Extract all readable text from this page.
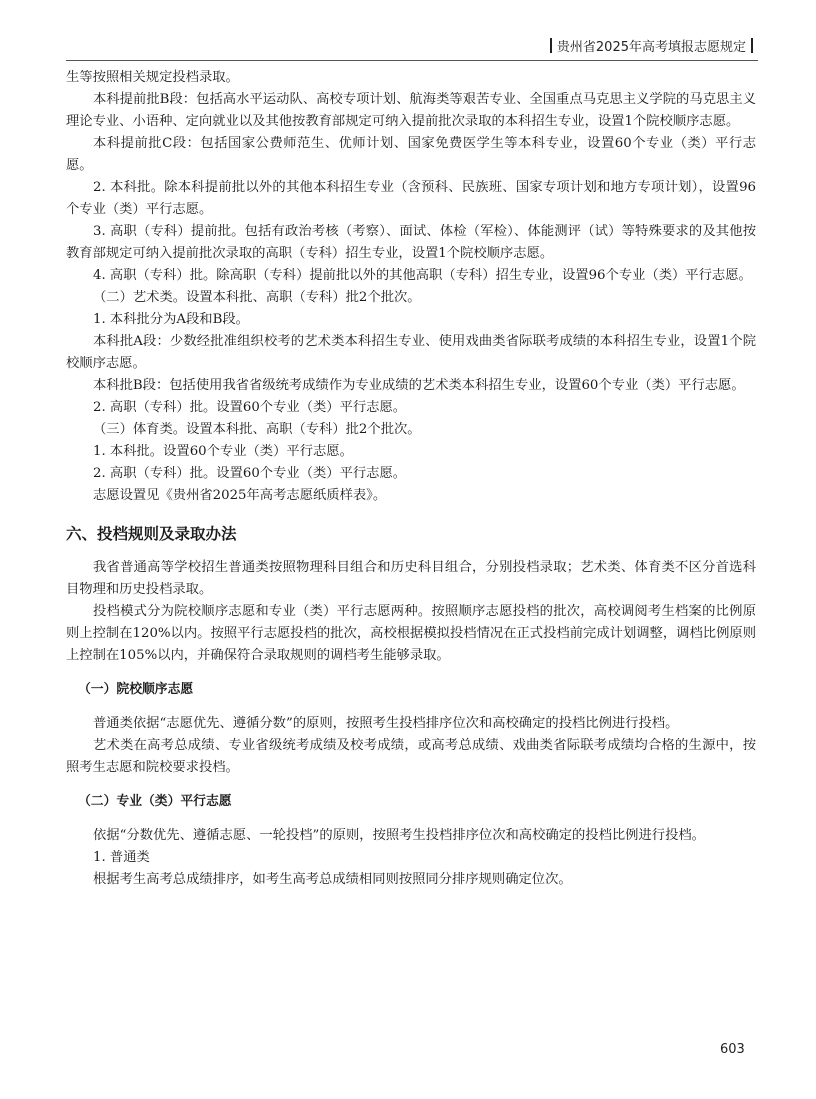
贵州省2025年高考填报志愿规定

生等按照相关规定投档录取。

本科提前批B段：包括高水平运动队、高校专项计划、航海类等艰苦专业、全国重点马克思主义学院的马克思主义理论专业、小语种、定向就业以及其他按教育部规定可纳入提前批次录取的本科招生专业，设置1个院校顺序志愿。

本科提前批C段：包括国家公费师范生、优师计划、国家免费医学生等本科专业，设置60个专业（类）平行志愿。

2. 本科批。除本科提前批以外的其他本科招生专业（含预科、民族班、国家专项计划和地方专项计划），设置96个专业（类）平行志愿。

3. 高职（专科）提前批。包括有政治考核（考察）、面试、体检（军检）、体能测评（试）等特殊要求的及其他按教育部规定可纳入提前批次录取的高职（专科）招生专业，设置1个院校顺序志愿。

4. 高职（专科）批。除高职（专科）提前批以外的其他高职（专科）招生专业，设置96个专业（类）平行志愿。

（二）艺术类。设置本科批、高职（专科）批2个批次。

1. 本科批分为A段和B段。

本科批A段：少数经批准组织校考的艺术类本科招生专业、使用戏曲类省际联考成绩的本科招生专业，设置1个院校顺序志愿。

本科批B段：包括使用我省省级统考成绩作为专业成绩的艺术类本科招生专业，设置60个专业（类）平行志愿。

2. 高职（专科）批。设置60个专业（类）平行志愿。

（三）体育类。设置本科批、高职（专科）批2个批次。

1. 本科批。设置60个专业（类）平行志愿。

2. 高职（专科）批。设置60个专业（类）平行志愿。

志愿设置见《贵州省2025年高考志愿纸质样表》。

六、投档规则及录取办法

我省普通高等学校招生普通类按照物理科目组合和历史科目组合，分别投档录取；艺术类、体育类不区分首选科目物理和历史投档录取。

投档模式分为院校顺序志愿和专业（类）平行志愿两种。按照顺序志愿投档的批次，高校调阅考生档案的比例原则上控制在120%以内。按照平行志愿投档的批次，高校根据模拟投档情况在正式投档前完成计划调整，调档比例原则上控制在105%以内，并确保符合录取规则的调档考生能够录取。

（一）院校顺序志愿

普通类依据“志愿优先、遵循分数”的原则，按照考生投档排序位次和高校确定的投档比例进行投档。

艺术类在高考总成绩、专业省级统考成绩及校考成绩，或高考总成绩、戏曲类省际联考成绩均合格的生源中，按照考生志愿和院校要求投档。

（二）专业（类）平行志愿

依据“分数优先、遵循志愿、一轮投档”的原则，按照考生投档排序位次和高校确定的投档比例进行投档。

1. 普通类

根据考生高考总成绩排序，如考生高考总成绩相同则按照同分排序规则确定位次。

603
